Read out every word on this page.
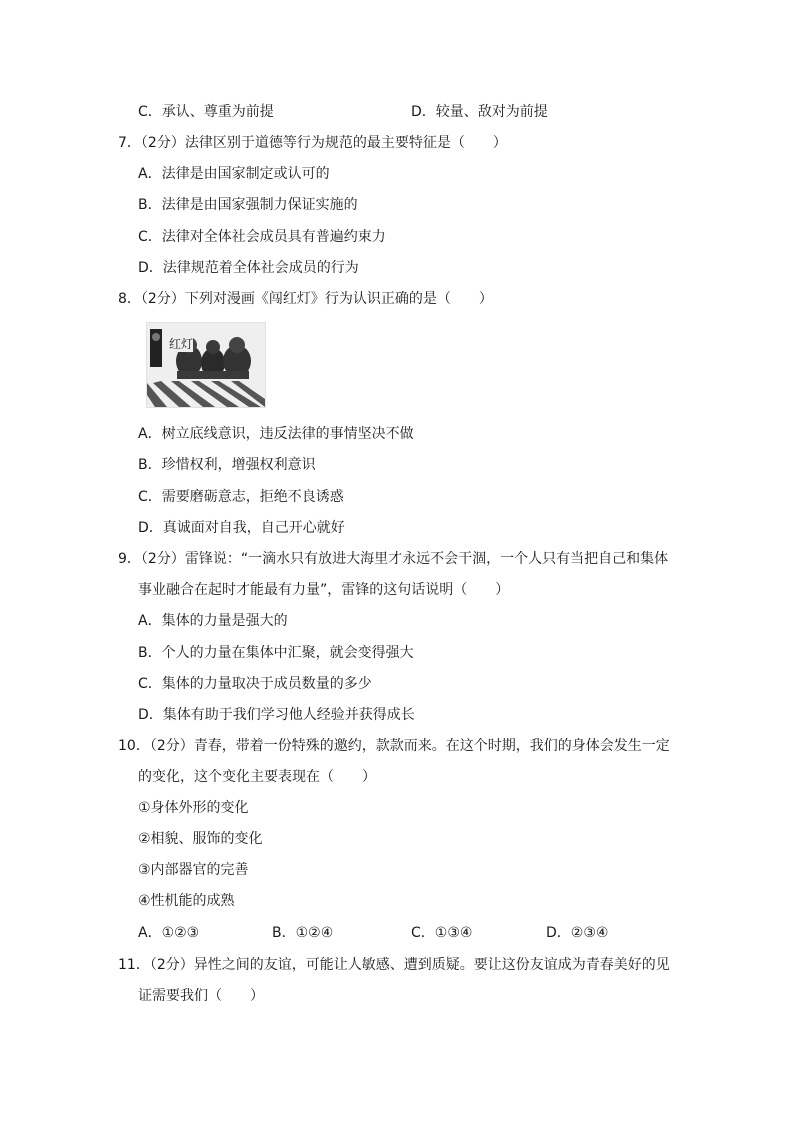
C．承认、尊重为前提	D．较量、敌对为前提
7．（2分）法律区别于道德等行为规范的最主要特征是（　　）
A．法律是由国家制定或认可的
B．法律是由国家强制力保证实施的
C．法律对全体社会成员具有普遍约束力
D．法律规范着全体社会成员的行为
8．（2分）下列对漫画《闯红灯》行为认识正确的是（　　）
红灯
A．树立底线意识，违反法律的事情坚决不做
B．珍惜权利，增强权利意识
C．需要磨砺意志，拒绝不良诱惑
D．真诚面对自我，自己开心就好
9．（2分）雷锋说：“一滴水只有放进大海里才永远不会干涸，一个人只有当把自己和集体
事业融合在起时才能最有力量”，雷锋的这句话说明（　　）
A．集体的力量是强大的
B．个人的力量在集体中汇聚，就会变得强大
C．集体的力量取决于成员数量的多少
D．集体有助于我们学习他人经验并获得成长
10．（2分）青春，带着一份特殊的邀约，款款而来。在这个时期，我们的身体会发生一定
的变化，这个变化主要表现在（　　）
①身体外形的变化
②相貌、服饰的变化
③内部器官的完善
④性机能的成熟
A．①②③	B．①②④	C．①③④	D．②③④
11．（2分）异性之间的友谊，可能让人敏感、遭到质疑。要让这份友谊成为青春美好的见
证需要我们（　　）
